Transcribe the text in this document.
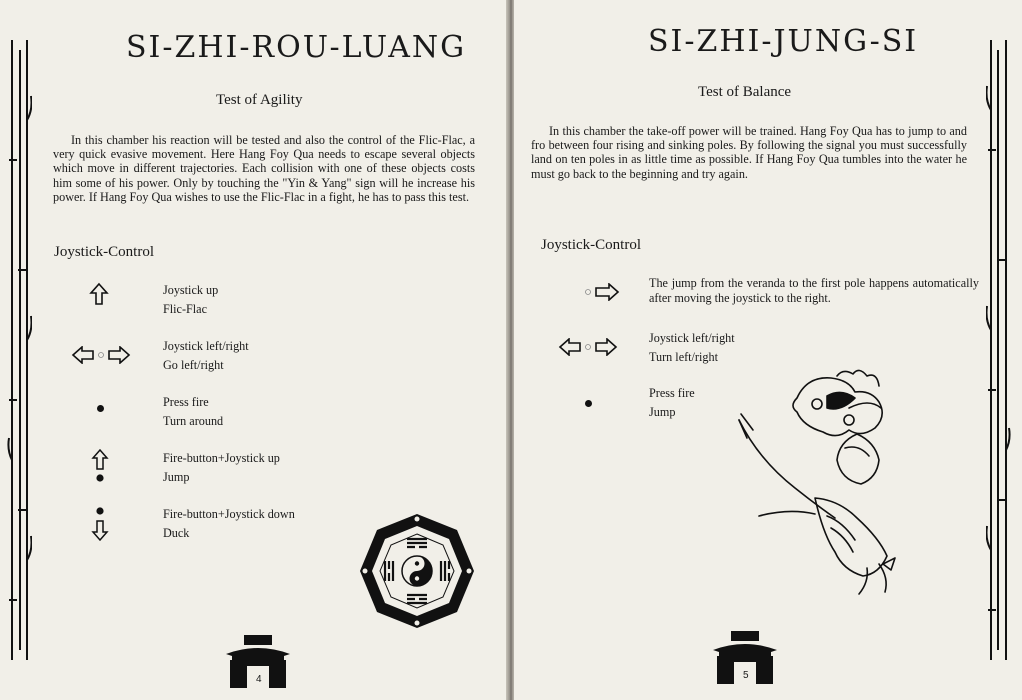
SI-ZHI-ROU-LUANG
Test of Agility

In this chamber his reaction will be tested and also the control of the Flic-Flac, a very quick evasive movement. Here Hang Foy Qua needs to escape several objects which move in different trajectories. Each collision with one of these objects costs him some of his power. Only by touching the "Yin & Yang" sign will he increase his power. If Hang Foy Qua wishes to use the Flic-Flac in a fight, he has to pass this test.

Joystick-Control
Joystick up
Flic-Flac
Joystick left/right
Go left/right
Press fire
Turn around
Fire-button+Joystick up
Jump
Fire-button+Joystick down
Duck
4
SI-ZHI-JUNG-SI
Test of Balance

In this chamber the take-off power will be trained. Hang Foy Qua has to jump to and fro between four rising and sinking poles. By following the signal you must successfully land on ten poles in as little time as possible. If Hang Foy Qua tumbles into the water he must go back to the beginning and try again.

Joystick-Control
The jump from the veranda to the first pole happens automatically after moving the joystick to the right.
Joystick left/right
Turn left/right
Press fire
Jump
5
